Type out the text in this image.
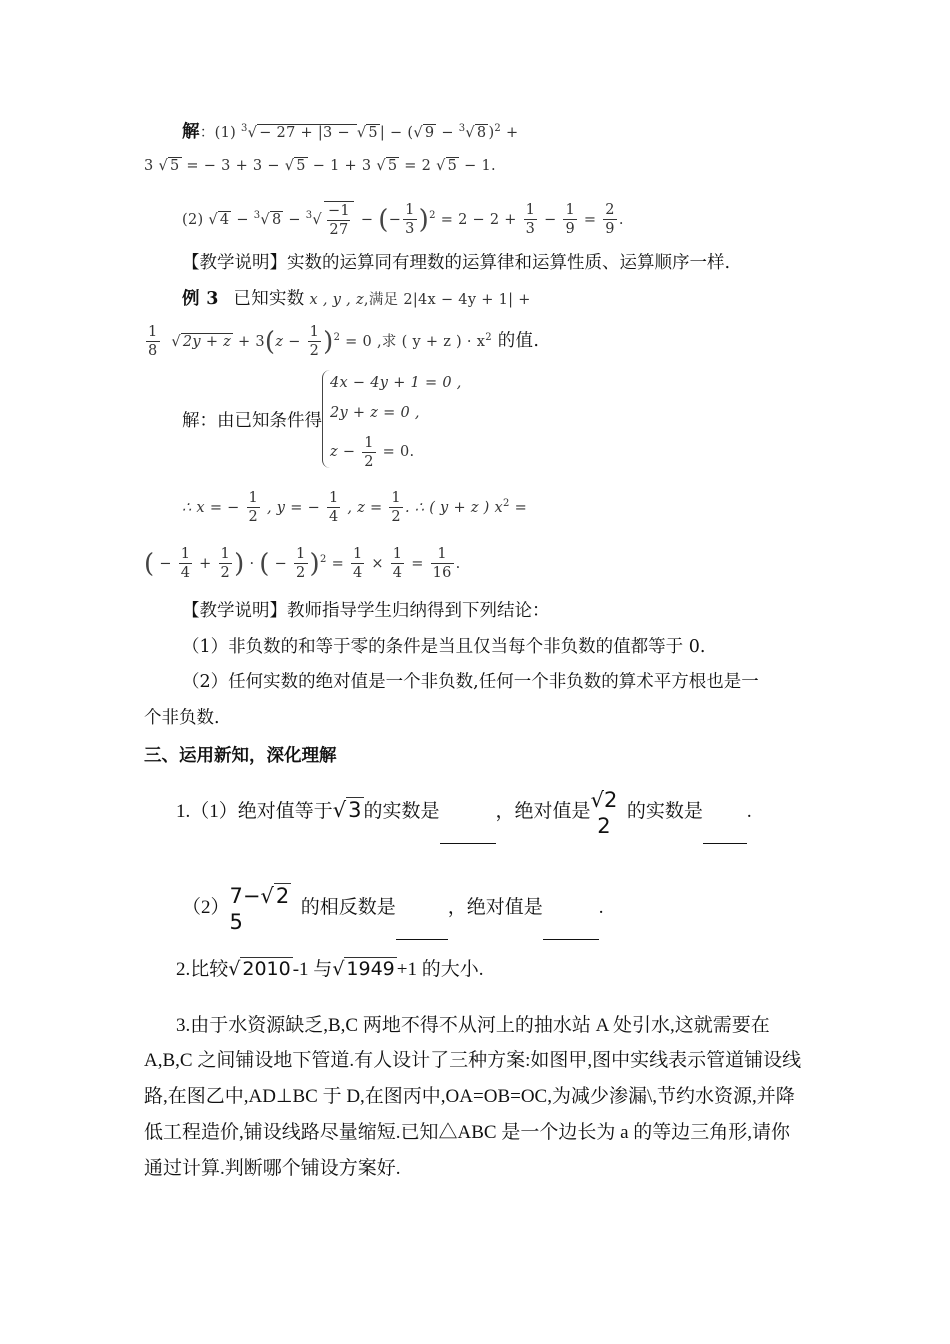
解：(1) $^3$√ − 27 + |3 − √ 5 | − (√ 9 − $^3$√ 8 )$^2$ +
3 √ 5 = − 3 + 3 − √ 5 − 1 + 3 √ 5 = 2 √ 5 − 1.
(2) √ 4 − $^3$√ $8 - ^3√ \frac{-1}{27}$ − (− $\frac{1}{3} )^2 = 2 - 2 + \frac{1}{3} - \frac{1}{9} = \frac{2}{9}$ .
【教学说明】实数的运算同有理数的运算律和运算性质、运算顺序一样.
例 3 已知实数 x , y , z,满足 2|4x − 4y + 1| +
$\frac{1}{8}$ √ $2y + z + 3(z - \frac{1}{2} )^2 = 0$ ,求 ( y + z ) · $x^2$ 的值.
解：由已知条件得
4x − 4y + 1 = 0 ,
2y + z = 0 ,
$z - \frac{1}{2} = 0$.
∴ x = − $\frac{1}{2}$ , y = − $\frac{1}{4}$ , $z = \frac{1}{2}$ . ∴ ( y + z ) $x^2$ =
( − $\frac{1}{4} + \frac{1}{2}$ ) · ( − $\frac{1}{2} )^2 = \frac{1}{4} \times \frac{1}{4} = \frac{1}{16}$ .
【教学说明】教师指导学生归纳得到下列结论：
（1）非负数的和等于零的条件是当且仅当每个非负数的值都等于 0.
（2）任何实数的绝对值是一个非负数,任何一个非负数的算术平方根也是一
个非负数.
三、运用新知，深化理解
1.（1）绝对值等于√3 的实数是	，绝对值是 √2
2
的实数是 .
（2） 7
5
−√2 的相反数是	，绝对值是	.
2.比较√ 2010 -1 与√ 1949 +1 的大小.
3.由于水资源缺乏,B,C 两地不得不从河上的抽水站 A 处引水,这就需要在
A,B,C 之间铺设地下管道.有人设计了三种方案:如图甲,图中实线表示管道铺设线
路,在图乙中,AD⊥BC 于 D,在图丙中,OA=OB=OC,为减少渗漏\,节约水资源,并降
低工程造价,铺设线路尽量缩短.已知△ABC 是一个边长为 a 的等边三角形,请你
通过计算.判断哪个铺设方案好.
